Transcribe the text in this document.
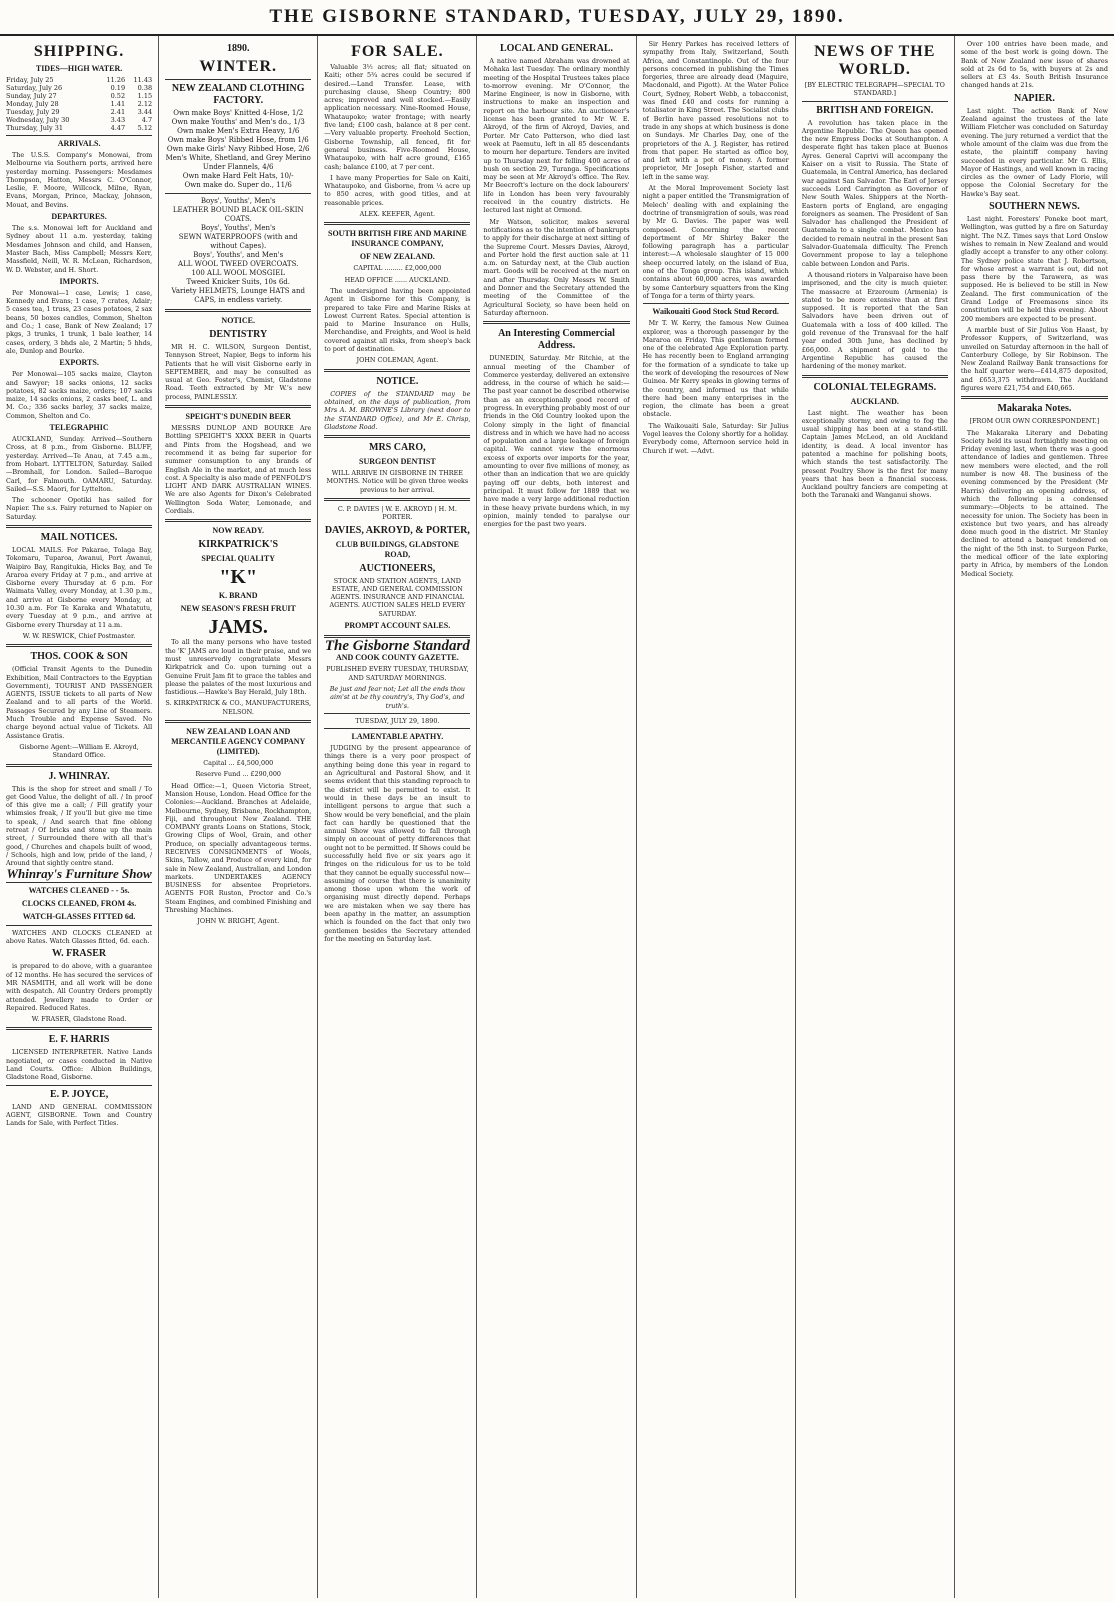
THE GISBORNE STANDARD, TUESDAY, JULY 29, 1890.
SHIPPING.
TIDES—HIGH WATER.
Friday, July 25	11.26	11.43
Saturday, July 26	0.19	0.38
Sunday, July 27	0.52	1.15
Monday, July 28	1.41	2.12
Tuesday, July 29	2.41	3.44
Wednesday, July 30	3.43	4.7
Thursday, July 31	4.47	5.12
ARRIVALS.

The U.S.S. Company's Monowai, from Melbourne via Southern ports, arrived here yesterday morning. Passengers: Mesdames Thompson, Hatton, Messrs C. O'Connor, Leslie, F. Moore, Willcock, Milne, Ryan, Evans, Morgan, Prince, Mackay, Johnson, Mouat, and Bevins.

DEPARTURES.

The s.s. Monowai left for Auckland and Sydney about 11 a.m. yesterday, taking Mesdames Johnson and child, and Hansen, Master Bach, Miss Campbell; Messrs Kerr, Massfield, Neill, W. R. McLean, Richardson, W. D. Webster, and H. Short.

IMPORTS.

Per Monowai—1 case, Lewis; 1 case, Kennedy and Evans; 1 case, 7 crates, Adair; 5 cases tea, 1 truss, 23 cases potatoes, 2 sax beans, 50 boxes candles, Common, Shelton and Co.; 1 case, Bank of New Zealand; 17 pkgs, 3 trunks, 1 trunk, 1 bale leather, 14 cases, ordery, 3 bhds ale, 2 Martin; 5 hhds, ale, Dunlop and Bourke.

EXPORTS.

Per Monowai—105 sacks maize, Clayton and Sawyer; 18 sacks onions, 12 sacks potatoes, 82 sacks maize, orders; 107 sacks maize, 14 sacks onions, 2 casks beef, L. and M. Co.; 336 sacks barley, 37 sacks maize, Common, Shelton and Co.

TELEGRAPHIC

AUCKLAND, Sunday. Arrived—Southern Cross, at 8 p.m., from Gisborne. BLUFF, yesterday. Arrived—Te Anau, at 7.45 a.m., from Hobart. LYTTELTON, Saturday. Sailed—Bromhall, for London. Sailed—Baroque Carl, for Falmouth. OAMARU, Saturday. Sailed—S.S. Maori, for Lyttelton.

The schooner Opotiki has sailed for Napier. The s.s. Fairy returned to Napier on Saturday.

MAIL NOTICES.

LOCAL MAILS. For Pakarae, Tolaga Bay, Tokomaru, Tuparoa, Awanui, Port Awanui, Waipiro Bay, Rangitukia, Hicks Bay, and Te Araroa every Friday at 7 p.m., and arrive at Gisborne every Thursday at 6 p.m. For Waimata Valley, every Monday, at 1.30 p.m., and arrive at Gisborne every Monday, at 10.30 a.m. For Te Karaka and Whatatutu, every Tuesday at 9 p.m., and arrive at Gisborne every Thursday at 11 a.m.

W. W. RESWICK, Chief Postmaster.

THOS. COOK & SON

(Official Transit Agents to the Dunedin Exhibition, Mail Contractors to the Egyptian Government), TOURIST AND PASSENGER AGENTS, ISSUE tickets to all parts of New Zealand and to all parts of the World. Passages Secured by any Line of Steamers. Much Trouble and Expense Saved. No charge beyond actual value of Tickets. All Assistance Gratis.

Gisborne Agent:—William E. Akroyd, Standard Office.

J. WHINRAY.

This is the shop for street and small / To get Good Value, the delight of all. / In proof of this give me a call; / Fill gratify your whimsies freak, / If you'll but give me time to speak, / And search that fine oblong retreat / Of bricks and stone up the main street, / Surrounded there with all that's good, / Churches and chapels built of wood, / Schools, high and low, pride of the land, / Around that sightly centre stand.

Whinray's Furniture Show
WATCHES CLEANED - - 5s.
CLOCKS CLEANED, FROM 4s.
WATCH-GLASSES FITTED 6d.

WATCHES AND CLOCKS CLEANED at above Rates. Watch Glasses fitted, 6d. each.

W. FRASER

is prepared to do above, with a guarantee of 12 months. He has secured the services of MR NASMITH, and all work will be done with despatch. All Country Orders promptly attended. Jewellery made to Order or Repaired. Reduced Rates.

W. FRASER, Gladstone Road.

E. F. HARRIS

LICENSED INTERPRETER. Native Lands negotiated, or cases conducted in Native Land Courts. Office: Albion Buildings, Gladstone Road, Gisborne.

E. P. JOYCE,

LAND AND GENERAL COMMISSION AGENT, GISBORNE. Town and Country Lands for Sale, with Perfect Titles.

1890.
WINTER.
NEW ZEALAND CLOTHING FACTORY.
Own make Boys' Knitted 4-Hose, 1/2
Own make Youths' and Men's do., 1/3
Own make Men's Extra Heavy, 1/6
Own make Boys' Ribbed Hose, from 1/6
Own make Girls' Navy Ribbed Hose, 2/6
Men's White, Shetland, and Grey Merino Under Flannels, 4/6
Own make Hard Felt Hats, 10/-
Own make do. Super do., 11/6
Boys', Youths', Men's
LEATHER BOUND BLACK OIL-SKIN COATS.
Boys', Youths', Men's
SEWN WATERPROOFS (with and without Capes).
Boys', Youths', and Men's
ALL WOOL TWEED OVERCOATS.
100 ALL WOOL MOSGIEL
Tweed Knicker Suits, 10s 6d.
Variety HELMETS, Lounge HATS and CAPS, in endless variety.
NOTICE.
DENTISTRY

MR H. C. WILSON, Surgeon Dentist, Tennyson Street, Napier, Begs to inform his Patients that he will visit Gisborne early in SEPTEMBER, and may be consulted as usual at Geo. Foster's, Chemist, Gladstone Road. Teeth extracted by Mr W.'s new process, PAINLESSLY.

SPEIGHT'S DUNEDIN BEER

MESSRS DUNLOP AND BOURKE Are Bottling SPEIGHT'S XXXX BEER in Quarts and Pints from the Hogshead, and we recommend it as being far superior for summer consumption to any brands of English Ale in the market, and at much less cost. A Specialty is also made of PENFOLD'S LIGHT AND DARK AUSTRALIAN WINES. We are also Agents for Dixon's Celebrated Wellington Soda Water, Lemonade, and Cordials.

NOW READY.
KIRKPATRICK'S
SPECIAL QUALITY
"K"
K. BRAND
NEW SEASON'S FRESH FRUIT
JAMS.

To all the many persons who have tested the 'K' JAMS are loud in their praise, and we must unreservedly congratulate Messrs Kirkpatrick and Co. upon turning out a Genuine Fruit Jam fit to grace the tables and please the palates of the most luxurious and fastidious.—Hawke's Bay Herald, July 18th.

S. KIRKPATRICK & CO., MANUFACTURERS, NELSON.

NEW ZEALAND LOAN AND MERCANTILE AGENCY COMPANY (LIMITED).

Capital ... £4,500,000

Reserve Fund ... £290,000

Head Office:—1, Queen Victoria Street, Mansion House, London. Head Office for the Colonies:—Auckland. Branches at Adelaide, Melbourne, Sydney, Brisbane, Rockhampton, Fiji, and throughout New Zealand. THE COMPANY grants Loans on Stations, Stock, Growing Clips of Wool, Grain, and other Produce, on specially advantageous terms. RECEIVES CONSIGNMENTS of Wools, Skins, Tallow, and Produce of every kind, for sale in New Zealand, Australian, and London markets. UNDERTAKES AGENCY BUSINESS for absentee Proprietors. AGENTS FOR Ruston, Proctor and Co.'s Steam Engines, and combined Finishing and Threshing Machines.

JOHN W. BRIGHT, Agent.

FOR SALE.

Valuable 3½ acres; all flat; situated on Kaiti; other 5¾ acres could be secured if desired.—Land Transfer. Lease, with purchasing clause, Sheep Country; 800 acres; improved and well stocked.—Easily application necessary. Nine-Roomed House, Whataupoko; water frontage; with nearly five land; £100 cash, balance at 8 per cent.—Very valuable property. Freehold Section, Gisborne Township, all fenced, fit for general business. Five-Roomed House, Whataupoko, with half acre ground, £165 cash; balance £100, at 7 per cent.

I have many Properties for Sale on Kaiti, Whataupoko, and Gisborne, from ¼ acre up to 850 acres, with good titles, and at reasonable prices.

ALEX. KEEFER, Agent.

SOUTH BRITISH FIRE AND MARINE INSURANCE COMPANY,
OF NEW ZEALAND.

CAPITAL ......... £2,000,000

HEAD OFFICE ...... AUCKLAND.

The undersigned having been appointed Agent in Gisborne for this Company, is prepared to take Fire and Marine Risks at Lowest Current Rates. Special attention is paid to Marine Insurance on Hulls, Merchandise, and Freights, and Wool is held covered against all risks, from sheep's back to port of destination.

JOHN COLEMAN, Agent.

NOTICE.

COPIES of the STANDARD may be obtained, on the days of publication, from Mrs A. M. BROWNE'S Library (next door to the STANDARD Office), and Mr E. Chrisp, Gladstone Road.

MRS CARO,
SURGEON DENTIST

WILL ARRIVE IN GISBORNE IN THREE MONTHS. Notice will be given three weeks previous to her arrival.

C. P. DAVIES | W. E. AKROYD | H. M. PORTER.

DAVIES, AKROYD, & PORTER,
CLUB BUILDINGS, GLADSTONE ROAD,
AUCTIONEERS,

STOCK AND STATION AGENTS, LAND ESTATE, AND GENERAL COMMISSION AGENTS. INSURANCE AND FINANCIAL AGENTS. AUCTION SALES HELD EVERY SATURDAY.

PROMPT ACCOUNT SALES.
The Gisborne Standard
AND COOK COUNTY GAZETTE.

PUBLISHED EVERY TUESDAY, THURSDAY, AND SATURDAY MORNINGS.

Be just and fear not; Let all the ends thou aim'st at be thy country's, Thy God's, and truth's.

TUESDAY, JULY 29, 1890.

LAMENTABLE APATHY.

JUDGING by the present appearance of things there is a very poor prospect of anything being done this year in regard to an Agricultural and Pastoral Show, and it seems evident that this standing reproach to the district will be permitted to exist. It would in these days be an insult to intelligent persons to argue that such a Show would be very beneficial, and the plain fact can hardly be questioned that the annual Show was allowed to fall through simply on account of petty differences that ought not to be permitted. If Shows could be successfully held five or six years ago it fringes on the ridiculous for us to be told that they cannot be equally successful now—assuming of course that there is unanimity among those upon whom the work of organising must directly depend. Perhaps we are mistaken when we say there has been apathy in the matter, an assumption which is founded on the fact that only two gentlemen besides the Secretary attended for the meeting on Saturday last.

LOCAL AND GENERAL.

A native named Abraham was drowned at Mohaka last Tuesday. The ordinary monthly meeting of the Hospital Trustees takes place to-morrow evening. Mr O'Connor, the Marine Engineer, is now in Gisborne, with instructions to make an inspection and report on the harbour site. An auctioneer's license has been granted to Mr W. E. Akroyd, of the firm of Akroyd, Davies, and Porter. Mr Cato Patterson, who died last week at Paemutu, left in all 85 descendants to mourn her departure. Tenders are invited up to Thursday next for felling 400 acres of bush on section 29, Turanga. Specifications may be seen at Mr Akroyd's office. The Rev. Mr Beecroft's lecture on the dock labourers' life in London has been very favourably received in the country districts. He lectured last night at Ormond.

Mr Watson, solicitor, makes several notifications as to the intention of bankrupts to apply for their discharge at next sitting of the Supreme Court. Messrs Davies, Akroyd, and Porter hold the first auction sale at 11 a.m. on Saturday next, at the Club auction mart. Goods will be received at the mart on and after Thursday. Only Messrs W. Smith and Donner and the Secretary attended the meeting of the Committee of the Agricultural Society, so have been held on Saturday afternoon.

An Interesting Commercial Address.

DUNEDIN, Saturday. Mr Ritchie, at the annual meeting of the Chamber of Commerce yesterday, delivered an extensive address, in the course of which he said:—The past year cannot be described otherwise than as an exceptionally good record of progress. In everything probably most of our friends in the Old Country looked upon the Colony simply in the light of financial distress and in which we have had no access of population and a large leakage of foreign capital. We cannot view the enormous excess of exports over imports for the year, amounting to over five millions of money, as other than an indication that we are quickly paying off our debts, both interest and principal. It must follow for 1889 that we have made a very large additional reduction in these heavy private burdens which, in my opinion, mainly tended to paralyse our energies for the past two years.

Sir Henry Parkes has received letters of sympathy from Italy, Switzerland, South Africa, and Constantinople. Out of the four persons concerned in publishing the Times forgeries, three are already dead (Maguire, Macdonald, and Pigott). At the Water Police Court, Sydney, Robert Webb, a tobacconist, was fined £40 and costs for running a totalisator in King Street. The Socialist clubs of Berlin have passed resolutions not to trade in any shops at which business is done on Sundays. Mr Charles Day, one of the proprietors of the A. J. Register, has retired from that paper. He started as office boy, and left with a pot of money. A former proprietor, Mr Joseph Fisher, started and left in the same way.

At the Moral Improvement Society last night a paper entitled the 'Transmigration of Melech' dealing with and explaining the doctrine of transmigration of souls, was read by Mr G. Davies. The paper was well composed. Concerning the recent deportment of Mr Shirley Baker the following paragraph has a particular interest:—A wholesale slaughter of 15 000 sheep occurred lately, on the island of Eua, one of the Tonga group. This island, which contains about 60,000 acres, was awarded by some Canterbury squatters from the King of Tonga for a term of thirty years.

Waikouaiti Good Stock Stud Record.

Mr T. W. Kerry, the famous New Guinea explorer, was a thorough passenger by the Mararoa on Friday. This gentleman formed one of the celebrated Age Exploration party. He has recently been to England arranging for the formation of a syndicate to take up the work of developing the resources of New Guinea. Mr Kerry speaks in glowing terms of the country, and informed us that while there had been many enterprises in the region, the climate has been a great obstacle.

The Waikouaiti Sale, Saturday: Sir Julius Vogel leaves the Colony shortly for a holiday. Everybody come, Afternoon service held in Church if wet. —Advt.

NEWS OF THE WORLD.

[BY ELECTRIC TELEGRAPH—SPECIAL TO STANDARD.]

BRITISH AND FOREIGN.

A revolution has taken place in the Argentine Republic. The Queen has opened the new Empress Docks at Southampton. A desperate fight has taken place at Buenos Ayres. General Caprivi will accompany the Kaiser on a visit to Russia. The State of Guatemala, in Central America, has declared war against San Salvador. The Earl of Jersey succeeds Lord Carrington as Governor of New South Wales. Shippers at the North-Eastern ports of England, are engaging foreigners as seamen. The President of San Salvador has challenged the President of Guatemala to a single combat. Mexico has decided to remain neutral in the present San Salvador-Guatemala difficulty. The French Government propose to lay a telephone cable between London and Paris.

A thousand rioters in Valparaiso have been imprisoned, and the city is much quieter. The massacre at Erzeroum (Armenia) is stated to be more extensive than at first supposed. It is reported that the San Salvadors have been driven out of Guatemala with a loss of 400 killed. The gold revenue of the Transvaal for the half year ended 30th June, has declined by £66,000. A shipment of gold to the Argentine Republic has caused the hardening of the money market.

COLONIAL TELEGRAMS.
AUCKLAND.

Last night. The weather has been exceptionally stormy, and owing to fog the usual shipping has been at a stand-still. Captain James McLeod, an old Auckland identity, is dead. A local inventor has patented a machine for polishing boots, which stands the test satisfactorily. The present Poultry Show is the first for many years that has been a financial success. Auckland poultry fanciers are competing at both the Taranaki and Wanganui shows.

Over 100 entries have been made, and some of the best work is going down. The Bank of New Zealand new issue of shares sold at 2s 6d to 5s, with buyers at 2s and sellers at £3 4s. South British Insurance changed hands at 21s.

NAPIER.

Last night. The action Bank of New Zealand against the trustees of the late William Fletcher was concluded on Saturday evening. The jury returned a verdict that the whole amount of the claim was due from the estate, the plaintiff company having succeeded in every particular. Mr G. Ellis, Mayor of Hastings, and well known in racing circles as the owner of Lady Florie, will oppose the Colonial Secretary for the Hawke's Bay seat.

SOUTHERN NEWS.

Last night. Foresters' Poneke boot mart, Wellington, was gutted by a fire on Saturday night. The N.Z. Times says that Lord Onslow wishes to remain in New Zealand and would gladly accept a transfer to any other colony. The Sydney police state that J. Robertson, for whose arrest a warrant is out, did not pass there by the Tarawera, as was supposed. He is believed to be still in New Zealand. The first communication of the Grand Lodge of Freemasons since its constitution will be held this evening. About 200 members are expected to be present.

A marble bust of Sir Julius Von Haast, by Professor Kuppers, of Switzerland, was unveiled on Saturday afternoon in the hall of Canterbury College, by Sir Robinson. The New Zealand Railway Bank transactions for the half quarter were—£414,875 deposited, and £653,375 withdrawn. The Auckland figures were £21,754 and £40,665.

Makaraka Notes.

[FROM OUR OWN CORRESPONDENT.]

The Makaraka Literary and Debating Society held its usual fortnightly meeting on Friday evening last, when there was a good attendance of ladies and gentlemen. Three new members were elected, and the roll number is now 48. The business of the evening commenced by the President (Mr Harris) delivering an opening address, of which the following is a condensed summary:—Objects to be attained. The necessity for union. The Society has been in existence but two years, and has already done much good in the district. Mr Stanley declined to attend a banquet tendered on the night of the 5th inst. to Surgeon Parke, the medical officer of the late exploring party in Africa, by members of the London Medical Society.
